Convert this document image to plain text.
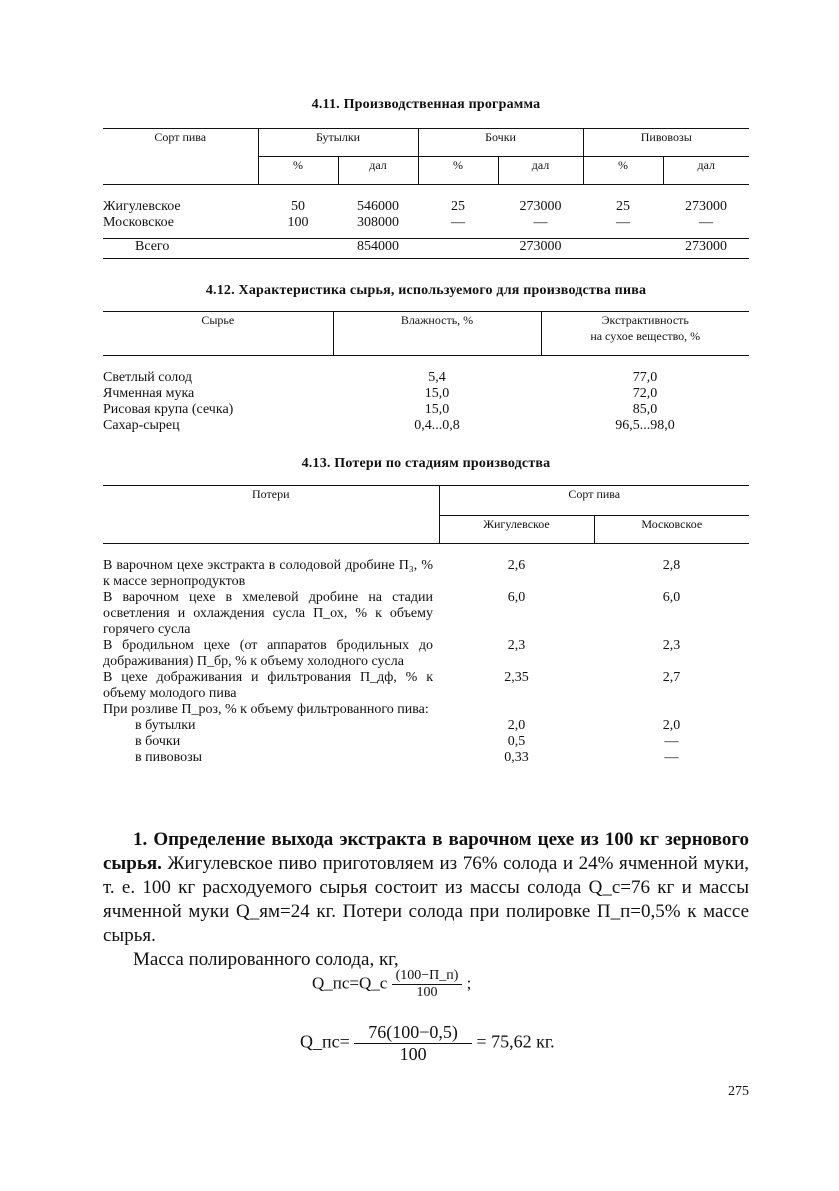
4.11. Производственная программа
Сорт пива	Бутылки		Бочки		Пивовозы	
	%	дал	%	дал	%	дал

Жигулевское	50	546000	25	273000	25	273000
Московское	100	308000	—	—	—	—

Всего		854000		273000		273000
4.12. Характеристика сырья, используемого для производства пива
Сырье	Влажность, %	Экстрактивность
на сухое вещество, %

Светлый солод	5,4	77,0
Ячменная мука	15,0	72,0
Рисовая крупа (сечка)	15,0	85,0
Сахар-сырец	0,4...0,8	96,5...98,0
4.13. Потери по стадиям производства
Потери	Сорт пива	
	Жигулевское	Московское

В варочном цехе экстракта в солодовой дробине П₃, % к массе зернопродуктов	2,6	2,8
В варочном цехе в хмелевой дробине на стадии осветления и охлаждения сусла П_ох, % к объему горячего сусла	6,0	6,0
В бродильном цехе (от аппаратов бродильных до дображивания) П_бр, % к объему холодного сусла	2,3	2,3
В цехе дображивания и фильтрования П_дф, % к объему молодого пива	2,35	2,7
При розливе П_роз, % к объему фильтрованного пива:		
в бутылки	2,0	2,0
в бочки	0,5	—
в пивовозы	0,33	—

1. Определение выхода экстракта в варочном цехе из 100 кг зернового сырья. Жигулевское пиво приготовляем из 76% солода и 24% ячменной муки, т. е. 100 кг расходуемого сырья состоит из массы солода Q_с=76 кг и массы ячменной муки Q_ям=24 кг. Потери солода при полировке П_п=0,5% к массе сырья.

Масса полированного солода, кг,

Q_пс=Q_с $\frac{(100-П\_п)}{100}$ ;
Q_пс= $\frac{76(100-0,5)}{100} = 75,62$ кг.
275
